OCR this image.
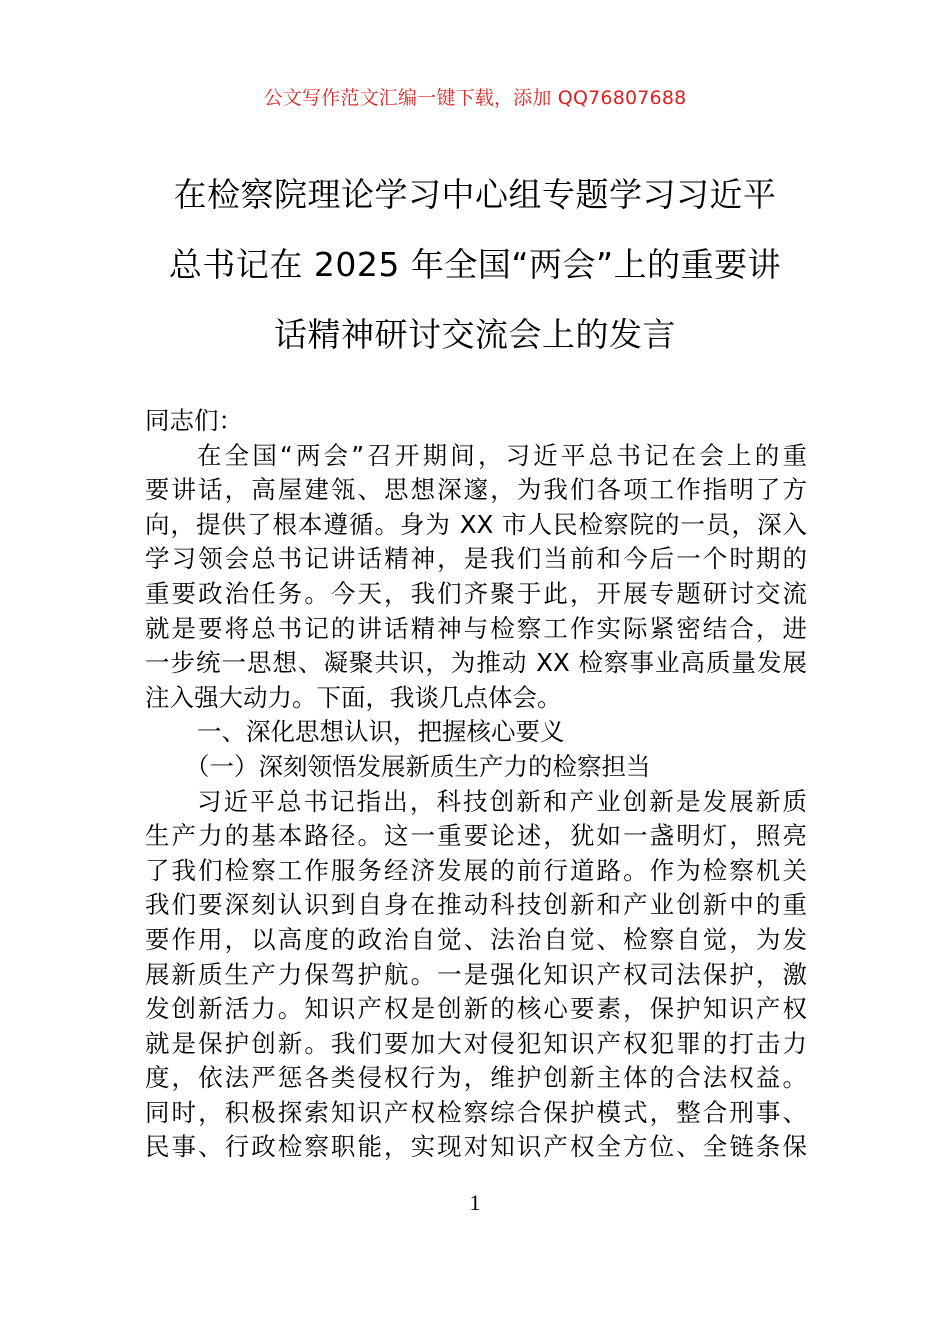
公文写作范文汇编一键下载，添加 QQ76807688
在检察院理论学习中心组专题学习习近平
总书记在 2025 年全国“两会”上的重要讲
话精神研讨交流会上的发言
同志们：
在全国“两会”召开期间，习近平总书记在会上的重
要讲话，高屋建瓴、思想深邃，为我们各项工作指明了方
向，提供了根本遵循。身为 XX 市人民检察院的一员，深入
学习领会总书记讲话精神，是我们当前和今后一个时期的
重要政治任务。今天，我们齐聚于此，开展专题研讨交流
就是要将总书记的讲话精神与检察工作实际紧密结合，进
一步统一思想、凝聚共识，为推动 XX 检察事业高质量发展
注入强大动力。下面，我谈几点体会。
一、深化思想认识，把握核心要义
（一）深刻领悟发展新质生产力的检察担当
习近平总书记指出，科技创新和产业创新是发展新质
生产力的基本路径。这一重要论述，犹如一盏明灯，照亮
了我们检察工作服务经济发展的前行道路。作为检察机关
我们要深刻认识到自身在推动科技创新和产业创新中的重
要作用，以高度的政治自觉、法治自觉、检察自觉，为发
展新质生产力保驾护航。一是强化知识产权司法保护，激
发创新活力。知识产权是创新的核心要素，保护知识产权
就是保护创新。我们要加大对侵犯知识产权犯罪的打击力
度，依法严惩各类侵权行为，维护创新主体的合法权益。
同时，积极探索知识产权检察综合保护模式，整合刑事、
民事、行政检察职能，实现对知识产权全方位、全链条保
1
